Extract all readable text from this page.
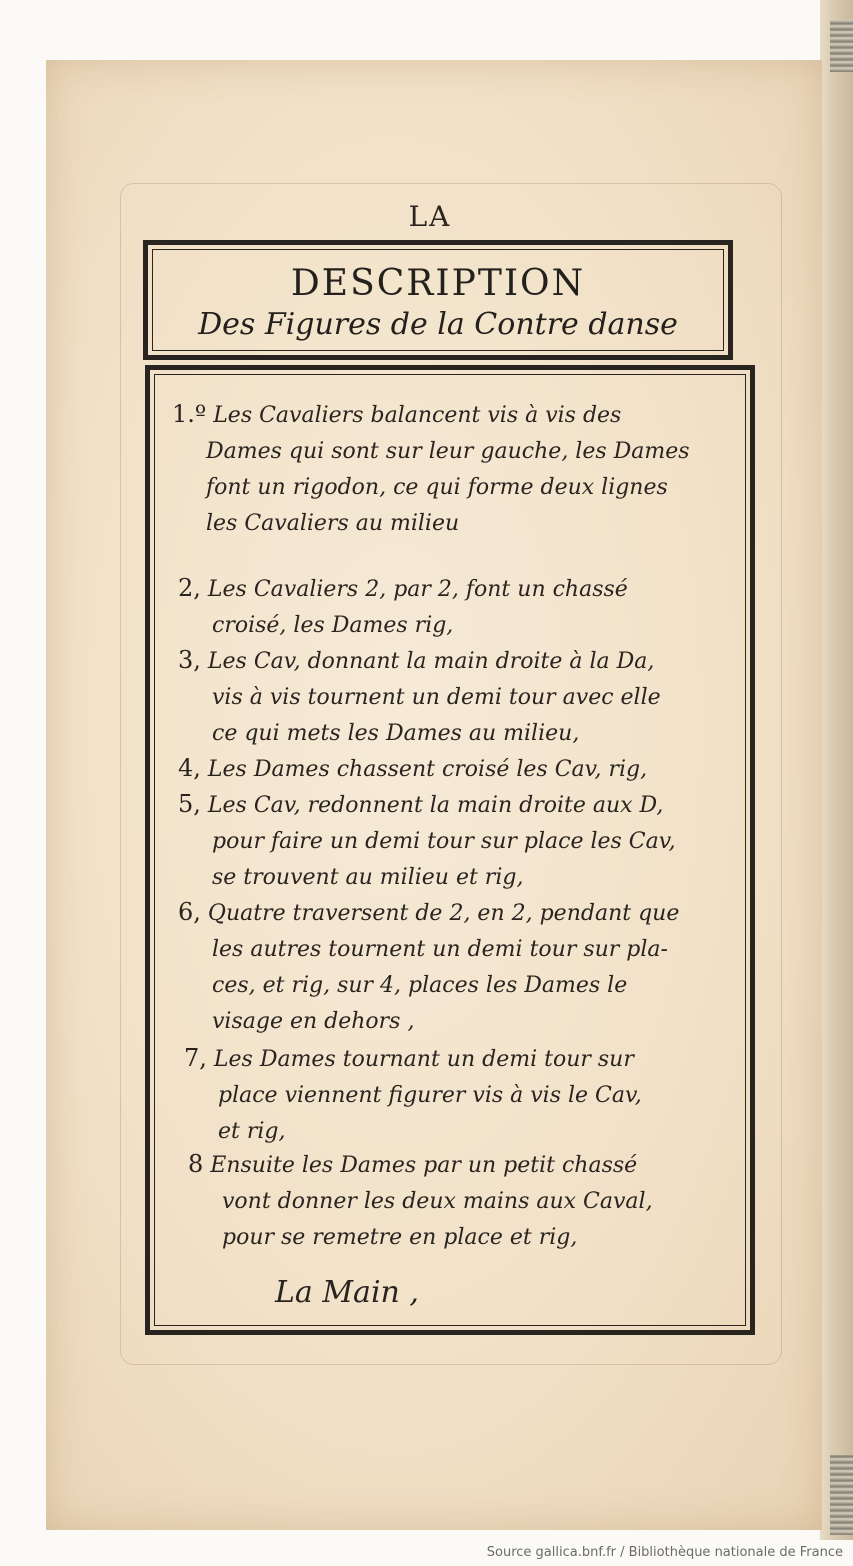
LA
DESCRIPTION
Des Figures de la Contre danse
1.º Les Cavaliers balancent vis à vis des
Dames qui sont sur leur gauche, les Dames
font un rigodon, ce qui forme deux lignes
les Cavaliers au milieu
2, Les Cavaliers 2, par 2, font un chassé
croisé, les Dames rig,
3, Les Cav, donnant la main droite à la Da,
vis à vis tournent un demi tour avec elle
ce qui mets les Dames au milieu,
4, Les Dames chassent croisé les Cav, rig,
5, Les Cav, redonnent la main droite aux D,
pour faire un demi tour sur place les Cav,
se trouvent au milieu et rig,
6, Quatre traversent de 2, en 2, pendant que
les autres tournent un demi tour sur pla-
ces, et rig, sur 4, places les Dames le
visage en dehors ,
7, Les Dames tournant un demi tour sur
place viennent figurer vis à vis le Cav,
et rig,
8 Ensuite les Dames par un petit chassé
vont donner les deux mains aux Caval,
pour se remetre en place et rig,
La Main ,
Source gallica.bnf.fr / Bibliothèque nationale de France
